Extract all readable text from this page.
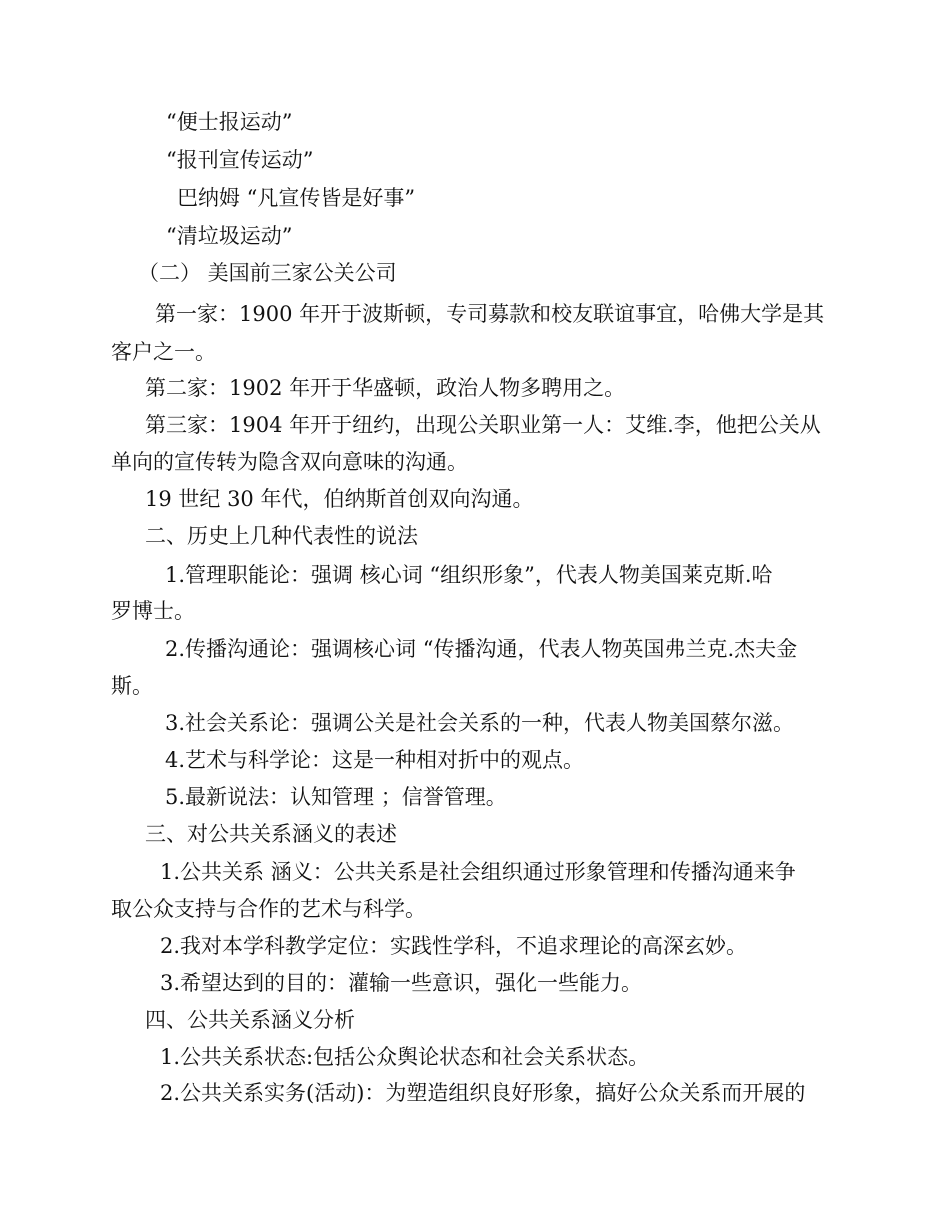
“便士报运动”
“报刊宣传运动”
巴纳姆 “凡宣传皆是好事”
“清垃圾运动”
（二） 美国前三家公关公司
第一家：1900 年开于波斯顿，专司募款和校友联谊事宜，哈佛大学是其
客户之一。
第二家：1902 年开于华盛顿，政治人物多聘用之。
第三家：1904 年开于纽约，出现公关职业第一人：艾维.李，他把公关从
单向的宣传转为隐含双向意味的沟通。
19 世纪 30 年代，伯纳斯首创双向沟通。
二、历史上几种代表性的说法
1.管理职能论：强调 核心词 “组织形象”，代表人物美国莱克斯.哈
罗博士。
2.传播沟通论：强调核心词 “传播沟通，代表人物英国弗兰克.杰夫金
斯。
3.社会关系论：强调公关是社会关系的一种，代表人物美国蔡尔滋。
4.艺术与科学论：这是一种相对折中的观点。
5.最新说法：认知管理 ；信誉管理。
三、对公共关系涵义的表述
1.公共关系 涵义：公共关系是社会组织通过形象管理和传播沟通来争
取公众支持与合作的艺术与科学。
2.我对本学科教学定位：实践性学科，不追求理论的高深玄妙。
3.希望达到的目的：灌输一些意识，强化一些能力。
四、公共关系涵义分析
1.公共关系状态:包括公众舆论状态和社会关系状态。
2.公共关系实务(活动)：为塑造组织良好形象，搞好公众关系而开展的
